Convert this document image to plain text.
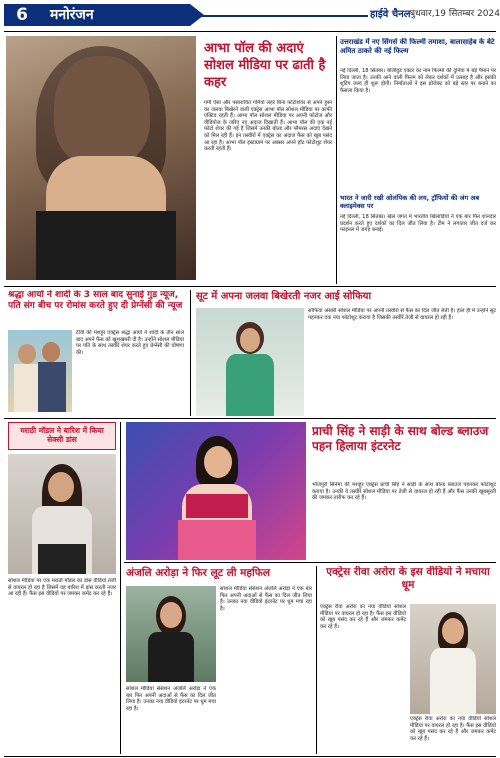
6	मनोरंजन	हाईवे चैनल बुधवार,19 सितम्बर 2024
आभा पॉल की अदाएं सोशल मीडिया पर ढाती है कहर
गर्मी ऐसा और पसारायित गर्मियों लहरें बिना फोटोशेयर से अपने हुस्न का जलवा बिखेरने वाली एक्ट्रेस आभा पॉल सोशल मीडिया पर काफी एक्टिव रहती हैं। आभा पॉल सोशल मीडिया पर अपनी फोटोज और वीडियोज के जरिए नए अंदाज दिखाती हैं। आभा पॉल की एक नई फोटो शेयर की गई है जिसमें उनकी बोल्ड और ग्लैमरस अदाएं देखने को मिल रही हैं। इन तस्वीरों में एक्ट्रेस का अंदाज फैंस को खूब पसंद आ रहा है। आभा पॉल इंस्टाग्राम पर अक्सर अपने हॉट फोटोशूट शेयर करती रहती हैं।
उत्तराखंड में नए सिंगर्स की फिल्मी तमाशा, बालासाहेब के बेटे अमित ठाकरे की नई फिल्म
नई दिल्ली, 18 सितंबर। बॉलीवुड एक्टर का नाम फिल्मों की दुनिया में बड़े पैमाने पर लिया जाता है। उनकी आने वाली फिल्म को लेकर दर्शकों में उत्साह है और इसकी शूटिंग जल्द ही शुरू होगी। निर्माताओं ने इस प्रोजेक्ट को बड़े स्तर पर बनाने का फैसला किया है।
भारत ने जारी रखी ओलंपिक की लय, ट्रॉफियों की जंग अब क्लाइमेक्स पर
नई दिल्ली, 18 सितंबर। खेल जगत में भारतीय खिलाड़ियों ने एक बार फिर शानदार प्रदर्शन करते हुए दर्शकों का दिल जीत लिया है। टीम ने लगातार जीत दर्ज कर फाइनल में जगह बनाई।
श्रद्धा आर्या ने शादी के 3 साल बाद सुनाई गुड न्यूज, पति संग बीच पर रोमांस करते हुए दी प्रेग्नेंसी की न्यूज
टीवी की मशहूर एक्ट्रेस श्रद्धा आर्या ने शादी के तीन साल बाद अपने फैंस को खुशखबरी दी है। उन्होंने सोशल मीडिया पर पति के साथ तस्वीरें शेयर करते हुए प्रेग्नेंसी की घोषणा की।
सूट में अपना जलवा बिखेरती नजर आई सोफिया
सोफिया अंसारी सोशल मीडिया पर अपनी तस्वीरों से फैंस का दिल जीत लेती हैं। हाल ही में उन्होंने सूट पहनकर एक नया फोटोशूट कराया है जिसकी तस्वीरें तेजी से वायरल हो रही हैं।
मराठी मॉडल ने बारिश में किया सेक्सी डांस
सोशल मीडिया पर एक मराठी मॉडल का डांस वीडियो तेजी से वायरल हो रहा है जिसमें वह बारिश में डांस करती नजर आ रही हैं। फैंस इस वीडियो पर जमकर कमेंट कर रहे हैं।
प्राची सिंह ने साड़ी के साथ बोल्ड ब्लाउज पहन हिलाया इंटरनेट
भोजपुरी सिनेमा की मशहूर एक्ट्रेस प्राची सिंह ने साड़ी के साथ बोल्ड ब्लाउज पहनकर फोटोशूट कराया है। उनकी ये तस्वीरें सोशल मीडिया पर तेजी से वायरल हो रही हैं और फैंस उनकी खूबसूरती की जमकर तारीफ कर रहे हैं।
अंजलि अरोड़ा ने फिर लूट ली महफिल
सोशल मीडिया सेंसेशन अंजलि अरोड़ा ने एक बार फिर अपनी अदाओं से फैंस का दिल जीत लिया है। उनका नया वीडियो इंटरनेट पर धूम मचा रहा है।
सोशल मीडिया सेंसेशन अंजलि अरोड़ा ने एक बार फिर अपनी अदाओं से फैंस का दिल जीत लिया है। उनका नया वीडियो इंटरनेट पर धूम मचा रहा है।
एक्ट्रेस रीवा अरोरा के इस वीडियो ने मचाया धूम
एक्ट्रेस रीवा अरोरा का नया वीडियो सोशल मीडिया पर वायरल हो रहा है। फैंस इस वीडियो को खूब पसंद कर रहे हैं और जमकर कमेंट कर रहे हैं।
एक्ट्रेस रीवा अरोरा का नया वीडियो सोशल मीडिया पर वायरल हो रहा है। फैंस इस वीडियो को खूब पसंद कर रहे हैं और जमकर कमेंट कर रहे हैं।
